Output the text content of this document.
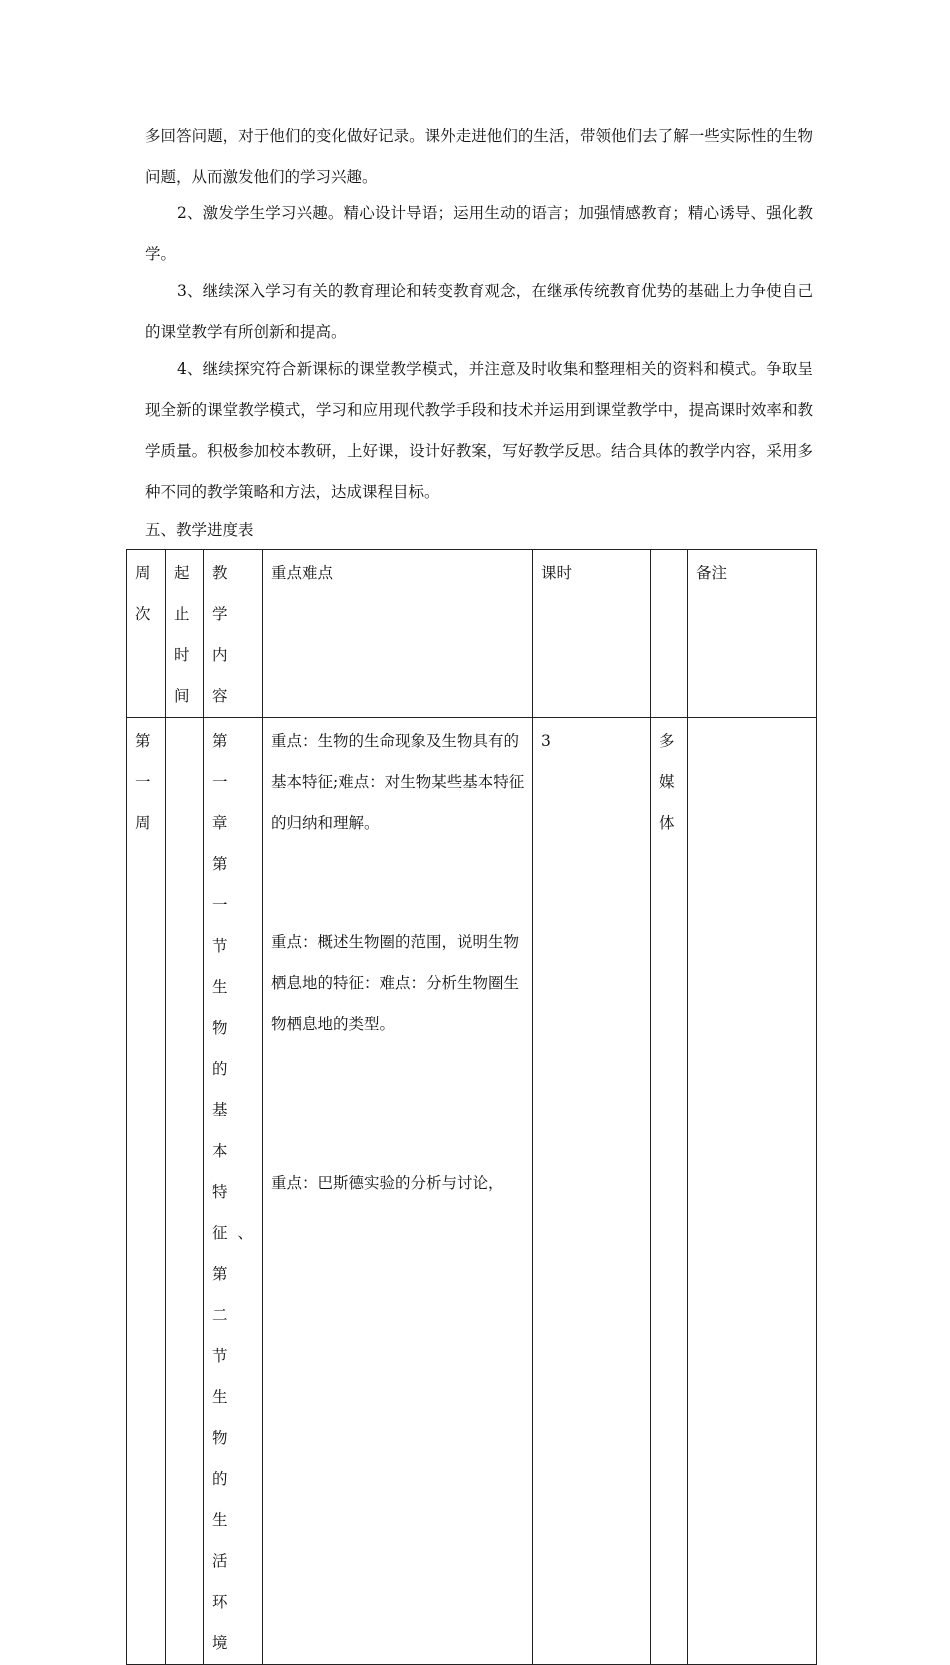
多回答问题，对于他们的变化做好记录。课外走进他们的生活，带领他们去了解一些实际性的生物问题，从而激发他们的学习兴趣。
2、激发学生学习兴趣。精心设计导语；运用生动的语言；加强情感教育；精心诱导、强化教学。
3、继续深入学习有关的教育理论和转变教育观念，在继承传统教育优势的基础上力争使自己的课堂教学有所创新和提高。
4、继续探究符合新课标的课堂教学模式，并注意及时收集和整理相关的资料和模式。争取呈现全新的课堂教学模式，学习和应用现代教学手段和技术并运用到课堂教学中，提高课时效率和教学质量。积极参加校本教研，上好课，设计好教案，写好教学反思。结合具体的教学内容，采用多种不同的教学策略和方法，达成课程目标。
五、教学进度表
周次	起止时间	教学内容	重点难点	课时		备注

第一周		第一章第一节生物的基本特征、第二节生物的生活环境	重点：生物的生命现象及生物具有的基本特征;难点：对生物某些基本特征的归纳和理解。
重点：概述生物圈的范围，说明生物栖息地的特征：难点：分析生物圈生物栖息地的类型。
重点：巴斯德实验的分析与讨论，	3	多媒体	
